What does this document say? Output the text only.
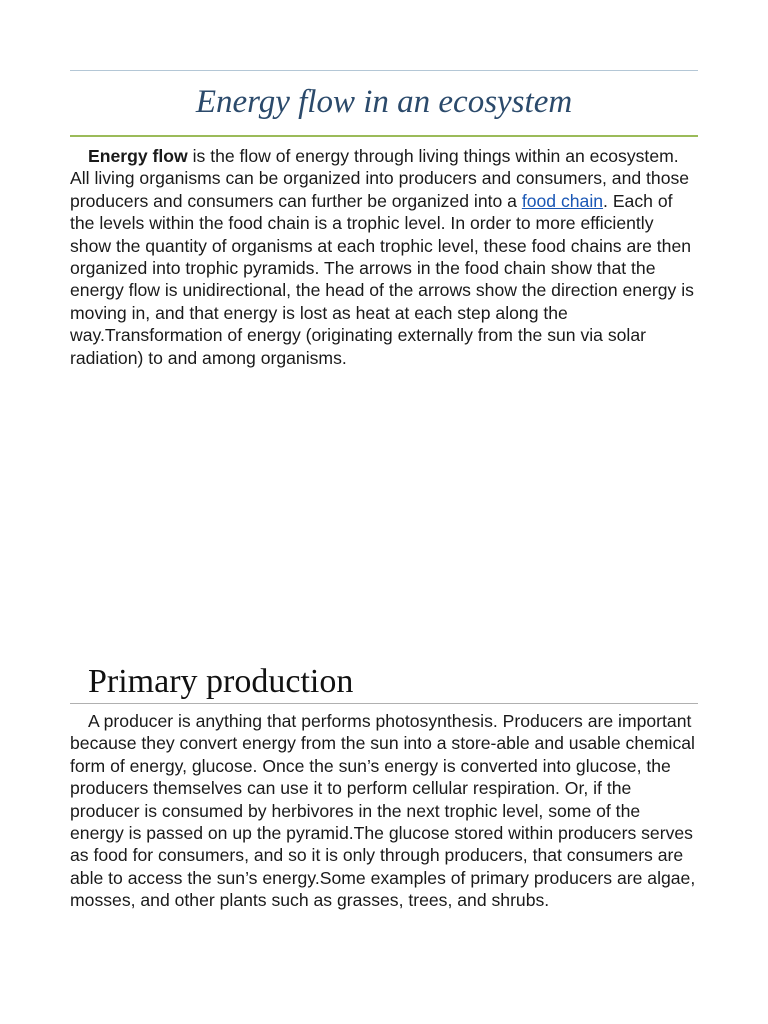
Energy flow in an ecosystem

Energy flow is the flow of energy through living things within an ecosystem. All living organisms can be organized into producers and consumers, and those producers and consumers can further be organized into a food chain. Each of the levels within the food chain is a trophic level. In order to more efficiently show the quantity of organisms at each trophic level, these food chains are then organized into trophic pyramids. The arrows in the food chain show that the energy flow is unidirectional, the head of the arrows show the direction energy is moving in, and that energy is lost as heat at each step along the way.Transformation of energy (originating externally from the sun via solar radiation) to and among organisms.

Primary production

A producer is anything that performs photosynthesis. Producers are important because they convert energy from the sun into a store-able and usable chemical form of energy, glucose. Once the sun’s energy is converted into glucose, the producers themselves can use it to perform cellular respiration. Or, if the producer is consumed by herbivores in the next trophic level, some of the energy is passed on up the pyramid.The glucose stored within producers serves as food for consumers, and so it is only through producers, that consumers are able to access the sun’s energy.Some examples of primary producers are algae, mosses, and other plants such as grasses, trees, and shrubs.
